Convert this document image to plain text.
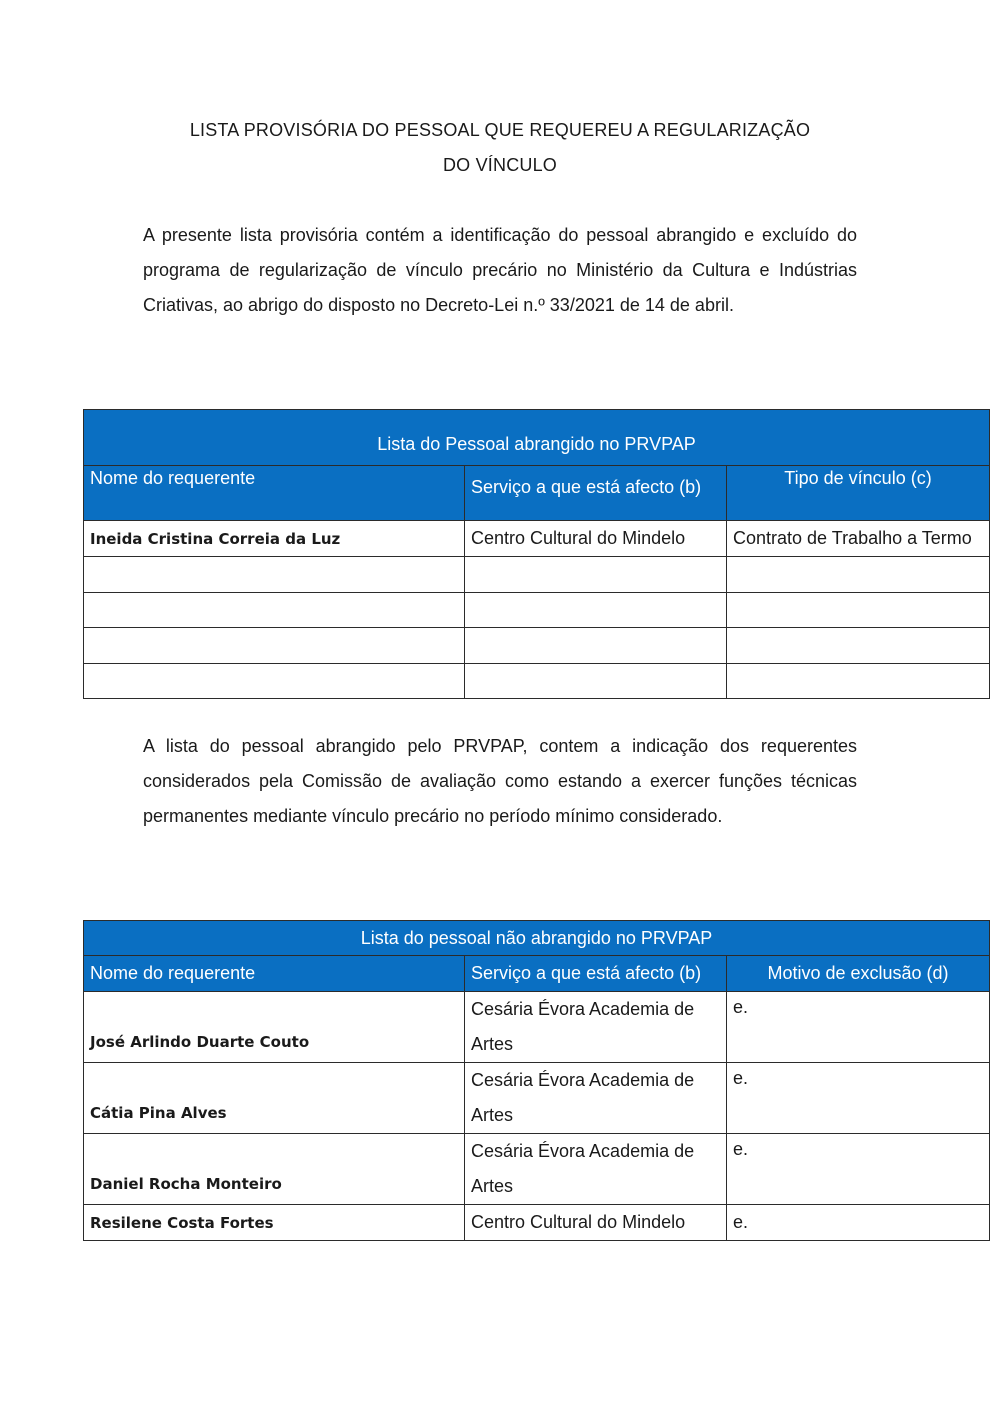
LISTA PROVISÓRIA DO PESSOAL QUE REQUEREU A REGULARIZAÇÃO
DO VÍNCULO
A presente lista provisória contém a identificação do pessoal abrangido e excluído do programa de regularização de vínculo precário no Ministério da Cultura e Indústrias Criativas, ao abrigo do disposto no Decreto-Lei n.º 33/2021 de 14 de abril.
Lista do Pessoal abrangido no PRVPAP		
Nome do requerente	Serviço a que está afecto (b)	Tipo de vínculo (c)
Ineida Cristina Correia da Luz	Centro Cultural do Mindelo	Contrato de Trabalho a Termo

A lista do pessoal abrangido pelo PRVPAP, contem a indicação dos requerentes considerados pela Comissão de avaliação como estando a exercer funções técnicas permanentes mediante vínculo precário no período mínimo considerado.
Lista do pessoal não abrangido no PRVPAP		
Nome do requerente	Serviço a que está afecto (b)	Motivo de exclusão (d)
José Arlindo Duarte Couto	Cesária Évora Academia de Artes	e.
Cátia Pina Alves	Cesária Évora Academia de Artes	e.
Daniel Rocha Monteiro	Cesária Évora Academia de Artes	e.
Resilene Costa Fortes	Centro Cultural do Mindelo	e.
